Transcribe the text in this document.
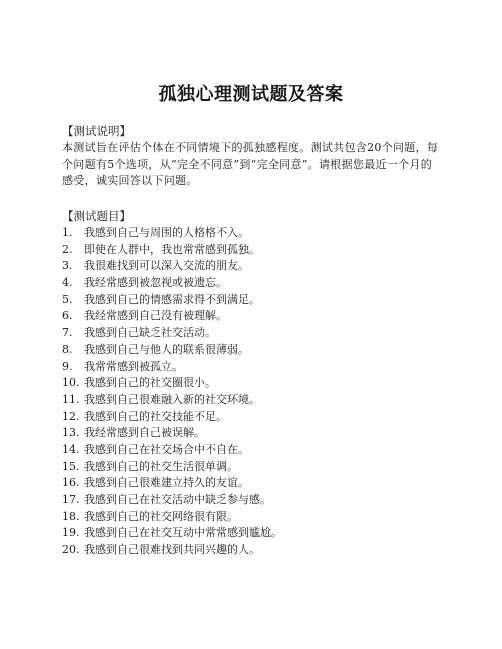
孤独心理测试题及答案
【测试说明】
本测试旨在评估个体在不同情境下的孤独感程度。测试共包含20个问题，每个问题有5个选项，从“完全不同意”到“完全同意”。请根据您最近一个月的感受，诚实回答以下问题。
【测试题目】
1. 我感到自己与周围的人格格不入。
2. 即使在人群中，我也常常感到孤独。
3. 我很难找到可以深入交流的朋友。
4. 我经常感到被忽视或被遗忘。
5. 我感到自己的情感需求得不到满足。
6. 我经常感到自己没有被理解。
7. 我感到自己缺乏社交活动。
8. 我感到自己与他人的联系很薄弱。
9. 我常常感到被孤立。
10. 我感到自己的社交圈很小。
11. 我感到自己很难融入新的社交环境。
12. 我感到自己的社交技能不足。
13. 我经常感到自己被误解。
14. 我感到自己在社交场合中不自在。
15. 我感到自己的社交生活很单调。
16. 我感到自己很难建立持久的友谊。
17. 我感到自己在社交活动中缺乏参与感。
18. 我感到自己的社交网络很有限。
19. 我感到自己在社交互动中常常感到尴尬。
20. 我感到自己很难找到共同兴趣的人。
